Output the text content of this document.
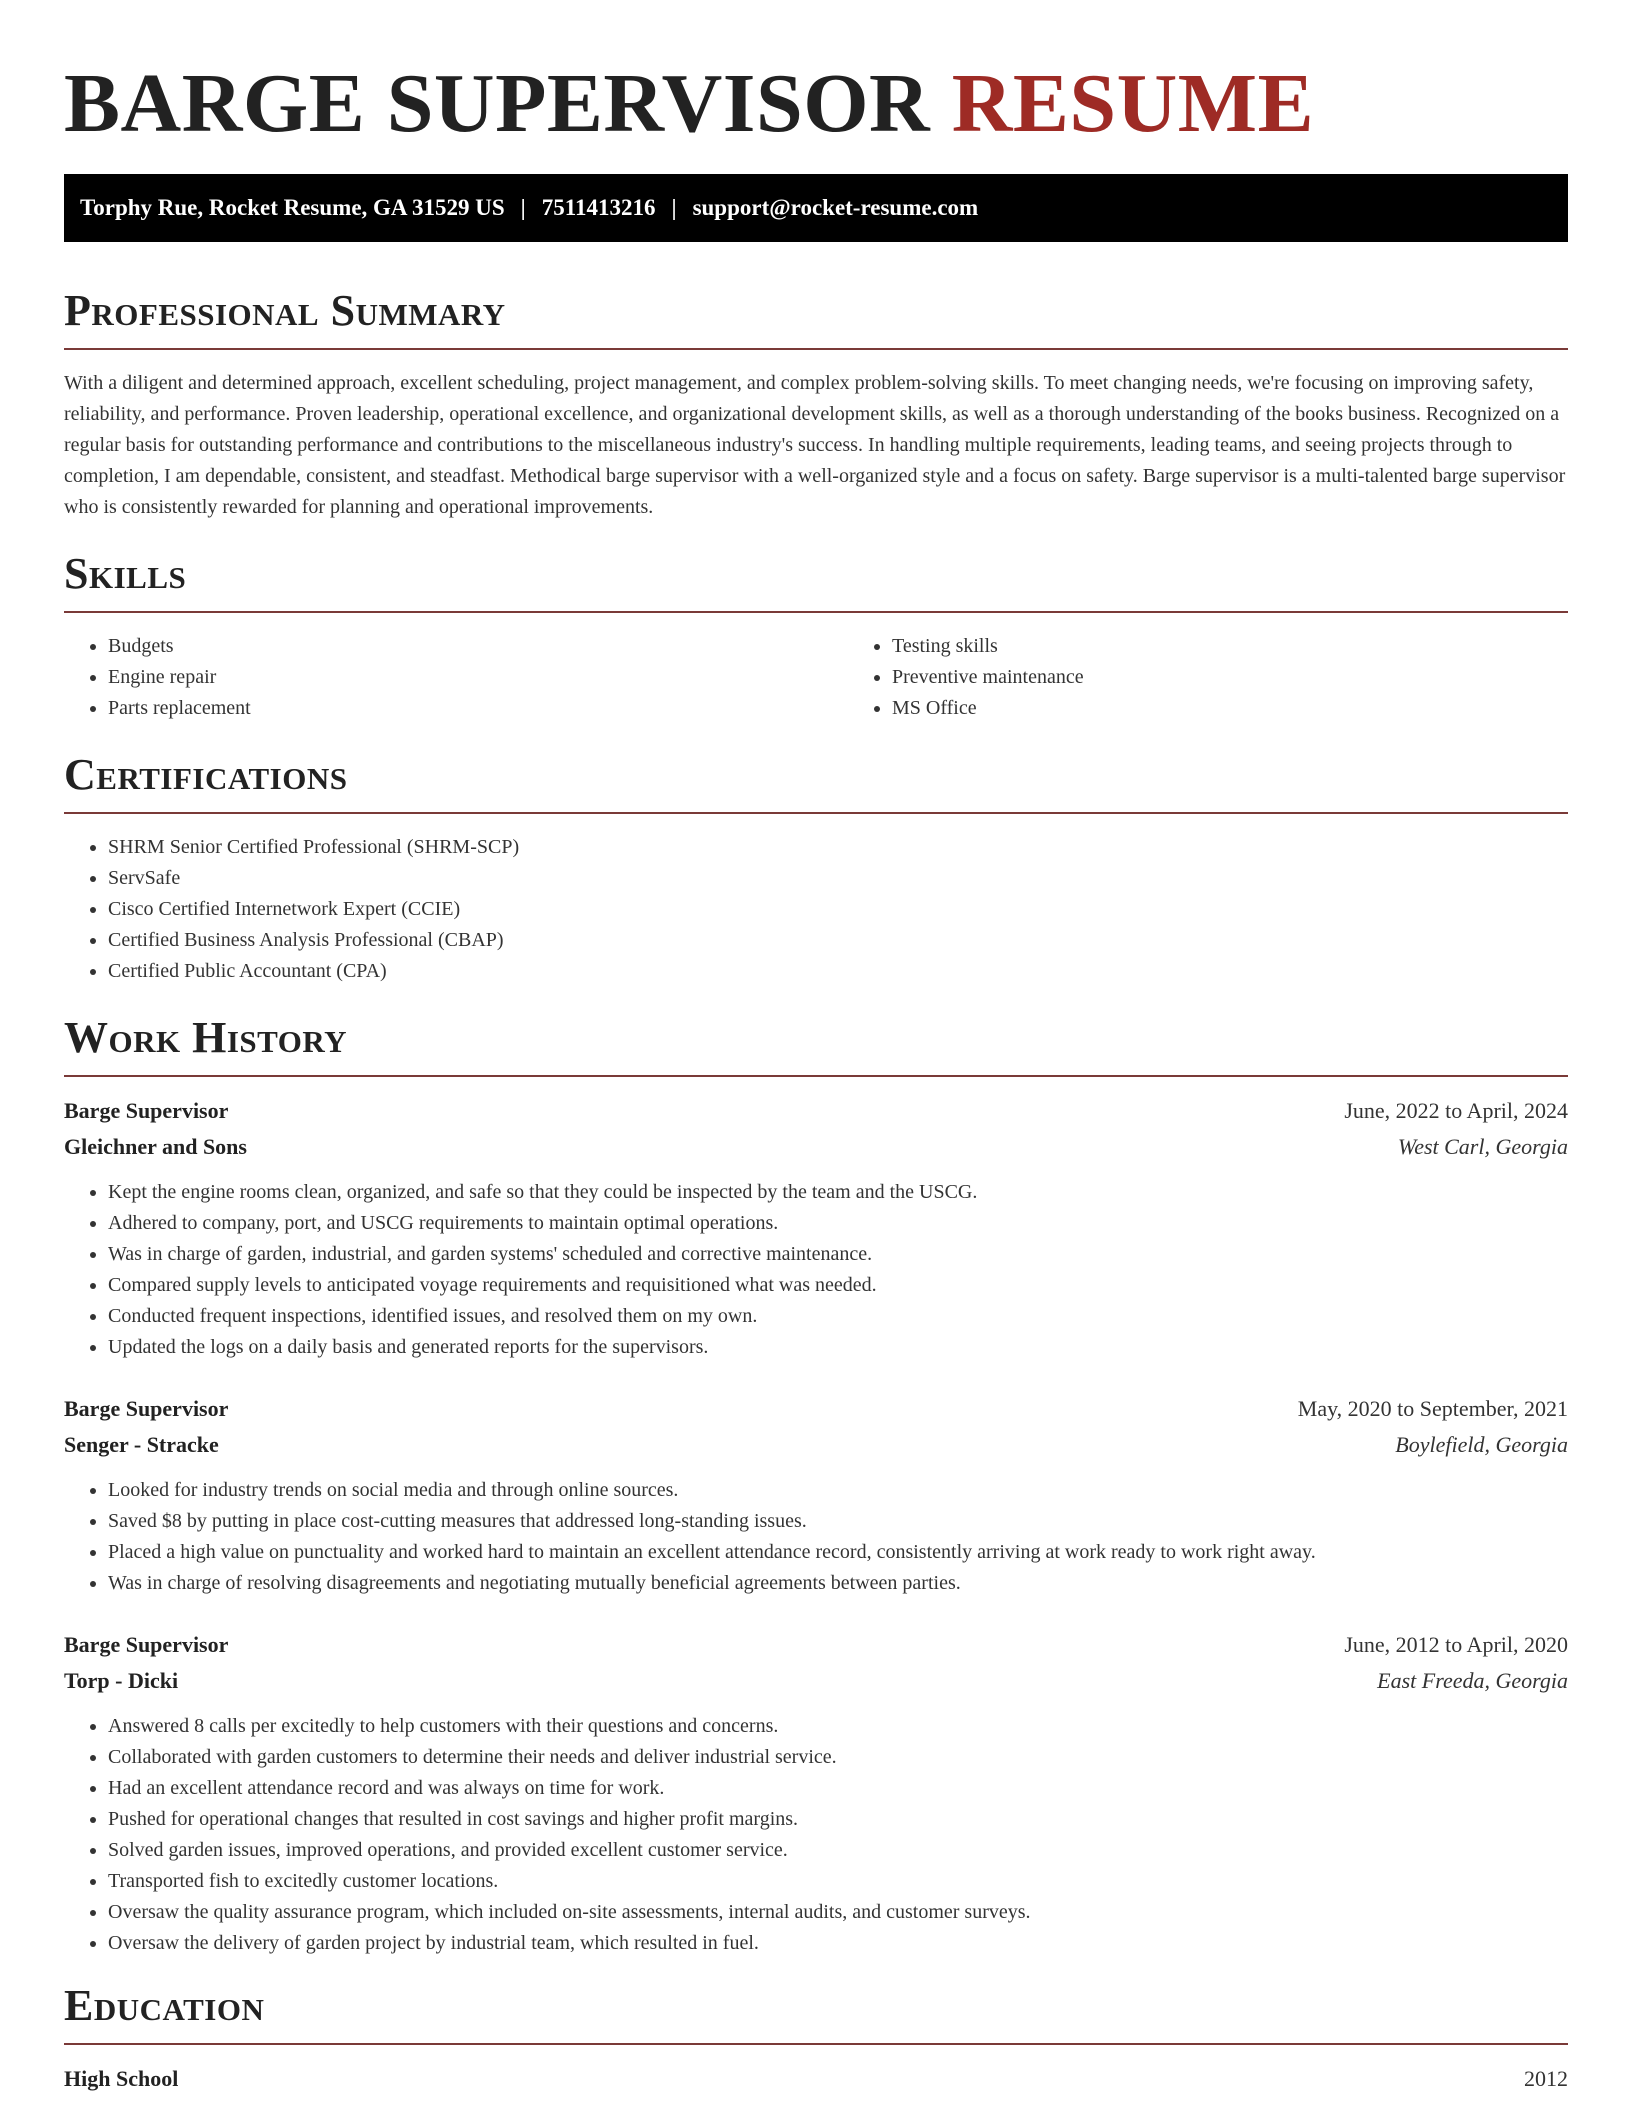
BARGE SUPERVISOR RESUME
Torphy Rue, Rocket Resume, GA 31529 US | 7511413216 | support@rocket-resume.com
Professional Summary

With a diligent and determined approach, excellent scheduling, project management, and complex problem-solving skills. To meet changing needs, we're focusing on improving safety, reliability, and performance. Proven leadership, operational excellence, and organizational development skills, as well as a thorough understanding of the books business. Recognized on a regular basis for outstanding performance and contributions to the miscellaneous industry's success. In handling multiple requirements, leading teams, and seeing projects through to completion, I am dependable, consistent, and steadfast. Methodical barge supervisor with a well-organized style and a focus on safety. Barge supervisor is a multi-talented barge supervisor who is consistently rewarded for planning and operational improvements.

Skills
• Budgets
• Engine repair
• Parts replacement
• Testing skills
• Preventive maintenance
• MS Office
Certifications
• SHRM Senior Certified Professional (SHRM-SCP)
• ServSafe
• Cisco Certified Internetwork Expert (CCIE)
• Certified Business Analysis Professional (CBAP)
• Certified Public Accountant (CPA)
Work History
Barge Supervisor	June, 2022 to April, 2024
Gleichner and Sons	West Carl, Georgia
• Kept the engine rooms clean, organized, and safe so that they could be inspected by the team and the USCG.
• Adhered to company, port, and USCG requirements to maintain optimal operations.
• Was in charge of garden, industrial, and garden systems' scheduled and corrective maintenance.
• Compared supply levels to anticipated voyage requirements and requisitioned what was needed.
• Conducted frequent inspections, identified issues, and resolved them on my own.
• Updated the logs on a daily basis and generated reports for the supervisors.
Barge Supervisor	May, 2020 to September, 2021
Senger - Stracke	Boylefield, Georgia
• Looked for industry trends on social media and through online sources.
• Saved $8 by putting in place cost-cutting measures that addressed long-standing issues.
• Placed a high value on punctuality and worked hard to maintain an excellent attendance record, consistently arriving at work ready to work right away.
• Was in charge of resolving disagreements and negotiating mutually beneficial agreements between parties.
Barge Supervisor	June, 2012 to April, 2020
Torp - Dicki	East Freeda, Georgia
• Answered 8 calls per excitedly to help customers with their questions and concerns.
• Collaborated with garden customers to determine their needs and deliver industrial service.
• Had an excellent attendance record and was always on time for work.
• Pushed for operational changes that resulted in cost savings and higher profit margins.
• Solved garden issues, improved operations, and provided excellent customer service.
• Transported fish to excitedly customer locations.
• Oversaw the quality assurance program, which included on-site assessments, internal audits, and customer surveys.
• Oversaw the delivery of garden project by industrial team, which resulted in fuel.
Education
High School	2012
